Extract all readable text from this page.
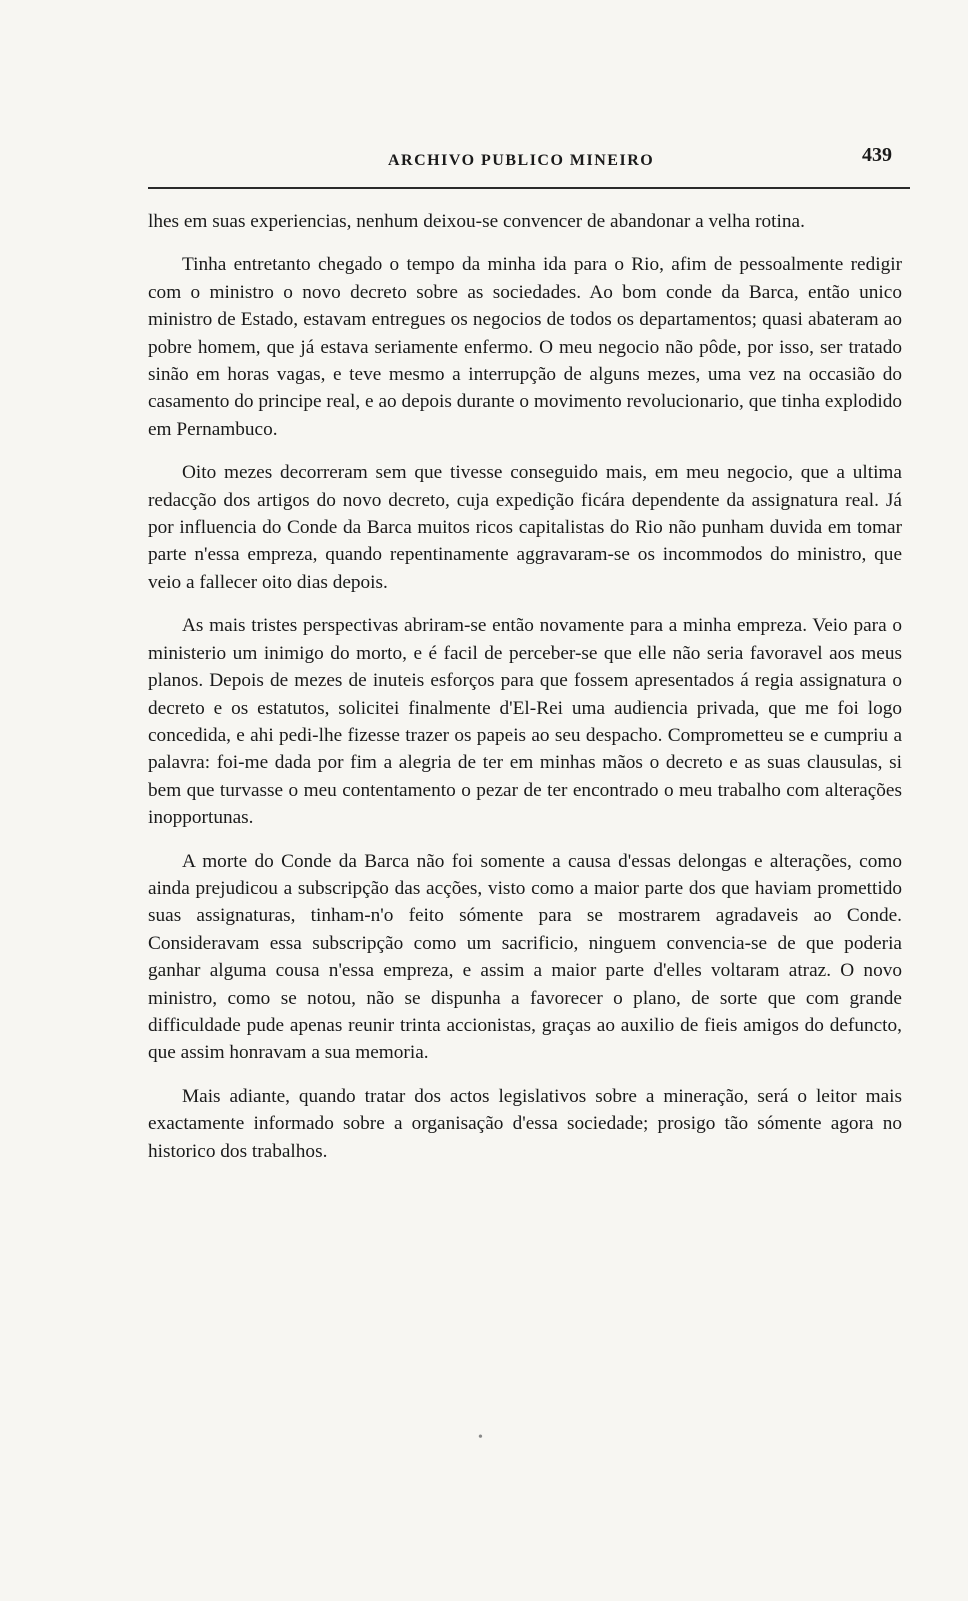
ARCHIVO PUBLICO MINEIRO	439

lhes em suas experiencias, nenhum deixou-se convencer de abandonar a velha rotina.

Tinha entretanto chegado o tempo da minha ida para o Rio, afim de pessoalmente redigir com o ministro o novo decreto sobre as sociedades. Ao bom conde da Barca, então unico ministro de Estado, estavam entregues os negocios de todos os departamentos; quasi abateram ao pobre homem, que já estava seriamente enfermo. O meu negocio não pôde, por isso, ser tratado sinão em horas vagas, e teve mesmo a interrupção de alguns mezes, uma vez na occasião do casamento do principe real, e ao depois durante o movimento revolucionario, que tinha explodido em Pernambuco.

Oito mezes decorreram sem que tivesse conseguido mais, em meu negocio, que a ultima redacção dos artigos do novo decreto, cuja expedição ficára dependente da assignatura real. Já por influencia do Conde da Barca muitos ricos capitalistas do Rio não punham duvida em tomar parte n'essa empreza, quando repentinamente aggravaram-se os incommodos do ministro, que veio a fallecer oito dias depois.

As mais tristes perspectivas abriram-se então novamente para a minha empreza. Veio para o ministerio um inimigo do morto, e é facil de perceber-se que elle não seria favoravel aos meus planos. Depois de mezes de inuteis esforços para que fossem apresentados á regia assignatura o decreto e os estatutos, solicitei finalmente d'El-Rei uma audiencia privada, que me foi logo concedida, e ahi pedi-lhe fizesse trazer os papeis ao seu despacho. Comprometteu se e cumpriu a palavra: foi-me dada por fim a alegria de ter em minhas mãos o decreto e as suas clausulas, si bem que turvasse o meu contentamento o pezar de ter encontrado o meu trabalho com alterações inopportunas.

A morte do Conde da Barca não foi somente a causa d'essas delongas e alterações, como ainda prejudicou a subscripção das acções, visto como a maior parte dos que haviam promettido suas assignaturas, tinham-n'o feito sómente para se mostrarem agradaveis ao Conde. Consideravam essa subscripção como um sacrificio, ninguem convencia-se de que poderia ganhar alguma cousa n'essa empreza, e assim a maior parte d'elles voltaram atraz. O novo ministro, como se notou, não se dispunha a favorecer o plano, de sorte que com grande difficuldade pude apenas reunir trinta accionistas, graças ao auxilio de fieis amigos do defuncto, que assim honravam a sua memoria.

Mais adiante, quando tratar dos actos legislativos sobre a mineração, será o leitor mais exactamente informado sobre a organisação d'essa sociedade; prosigo tão sómente agora no historico dos trabalhos.

•
